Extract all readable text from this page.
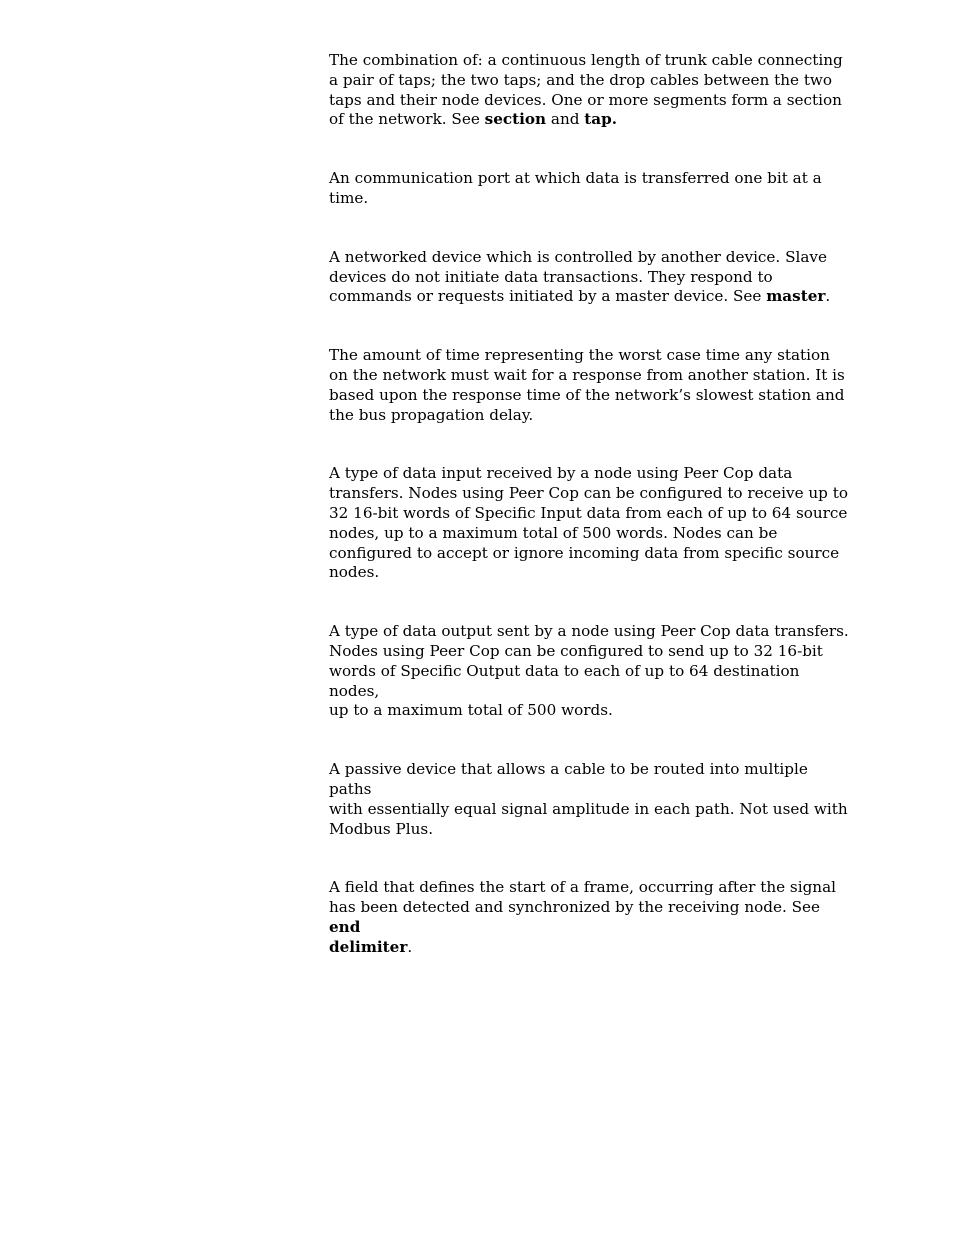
The combination of: a continuous length of trunk cable connecting
a pair of taps; the two taps; and the drop cables between the two
taps and their node devices. One or more segments form a section
of the network. See section and tap.

An communication port at which data is transferred one bit at a
time.

A networked device which is controlled by another device. Slave
devices do not initiate data transactions. They respond to
commands or requests initiated by a master device. See master.

The amount of time representing the worst case time any station
on the network must wait for a response from another station. It is
based upon the response time of the network’s slowest station and
the bus propagation delay.

A type of data input received by a node using Peer Cop data
transfers. Nodes using Peer Cop can be configured to receive up to
32 16-bit words of Specific Input data from each of up to 64 source
nodes, up to a maximum total of 500 words. Nodes can be
configured to accept or ignore incoming data from specific source
nodes.

A type of data output sent by a node using Peer Cop data transfers.
Nodes using Peer Cop can be configured to send up to 32 16-bit
words of Specific Output data to each of up to 64 destination nodes,
up to a maximum total of 500 words.

A passive device that allows a cable to be routed into multiple paths
with essentially equal signal amplitude in each path. Not used with
Modbus Plus.

A field that defines the start of a frame, occurring after the signal
has been detected and synchronized by the receiving node. See end
delimiter.
